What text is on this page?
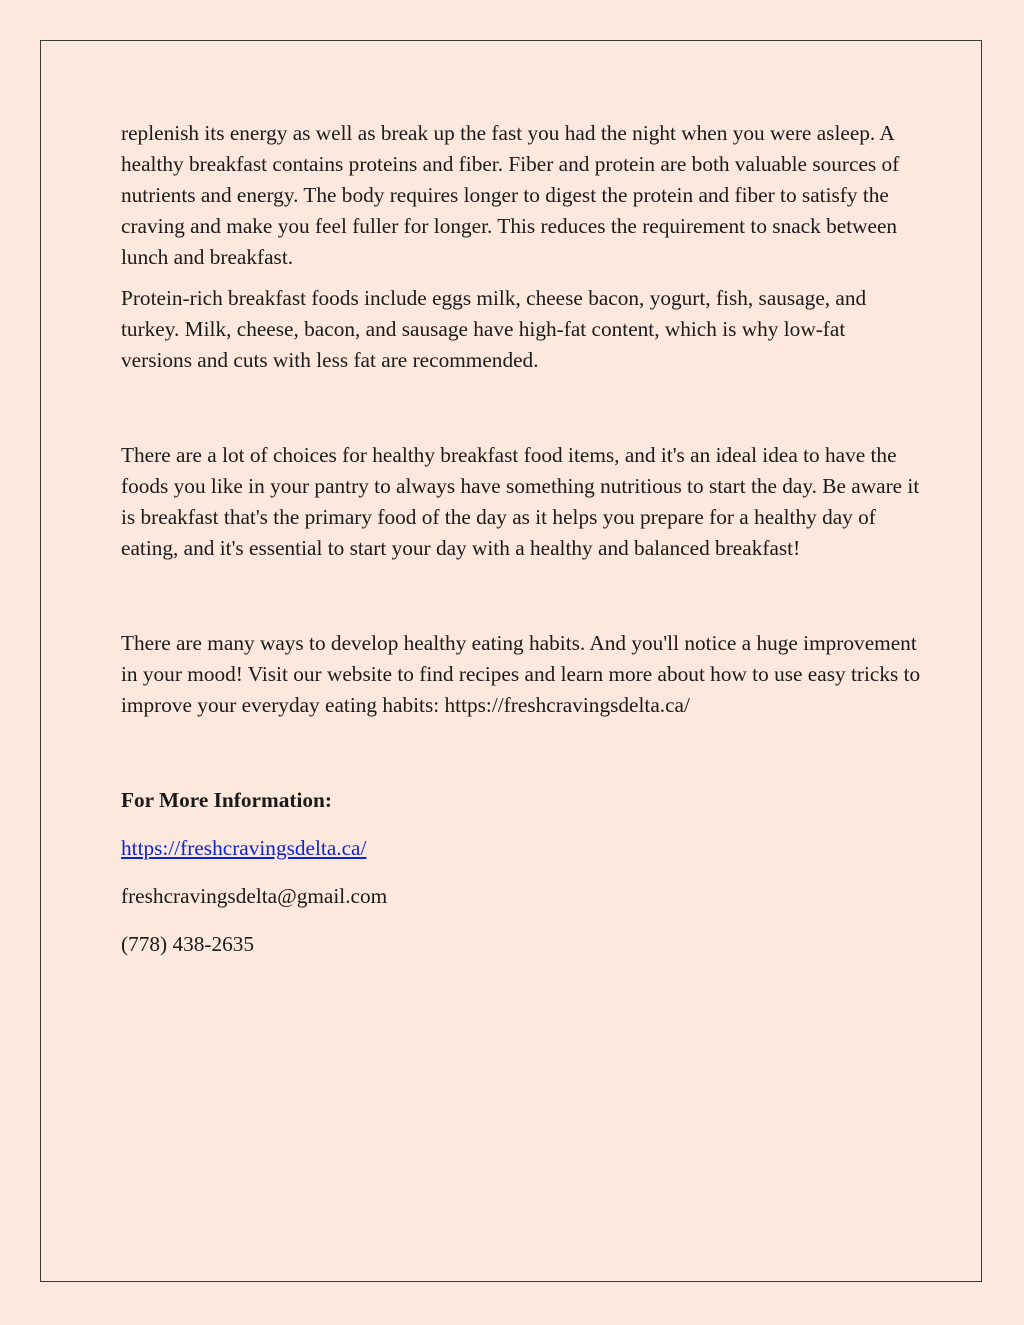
replenish its energy as well as break up the fast you had the night when you were asleep. A healthy breakfast contains proteins and fiber. Fiber and protein are both valuable sources of nutrients and energy. The body requires longer to digest the protein and fiber to satisfy the craving and make you feel fuller for longer. This reduces the requirement to snack between lunch and breakfast.

Protein-rich breakfast foods include eggs milk, cheese bacon, yogurt, fish, sausage, and turkey. Milk, cheese, bacon, and sausage have high-fat content, which is why low-fat versions and cuts with less fat are recommended.

There are a lot of choices for healthy breakfast food items, and it's an ideal idea to have the foods you like in your pantry to always have something nutritious to start the day. Be aware it is breakfast that's the primary food of the day as it helps you prepare for a healthy day of eating, and it's essential to start your day with a healthy and balanced breakfast!

There are many ways to develop healthy eating habits. And you'll notice a huge improvement in your mood! Visit our website to find recipes and learn more about how to use easy tricks to improve your everyday eating habits: https://freshcravingsdelta.ca/

For More Information:

https://freshcravingsdelta.ca/

freshcravingsdelta@gmail.com

(778) 438-2635
